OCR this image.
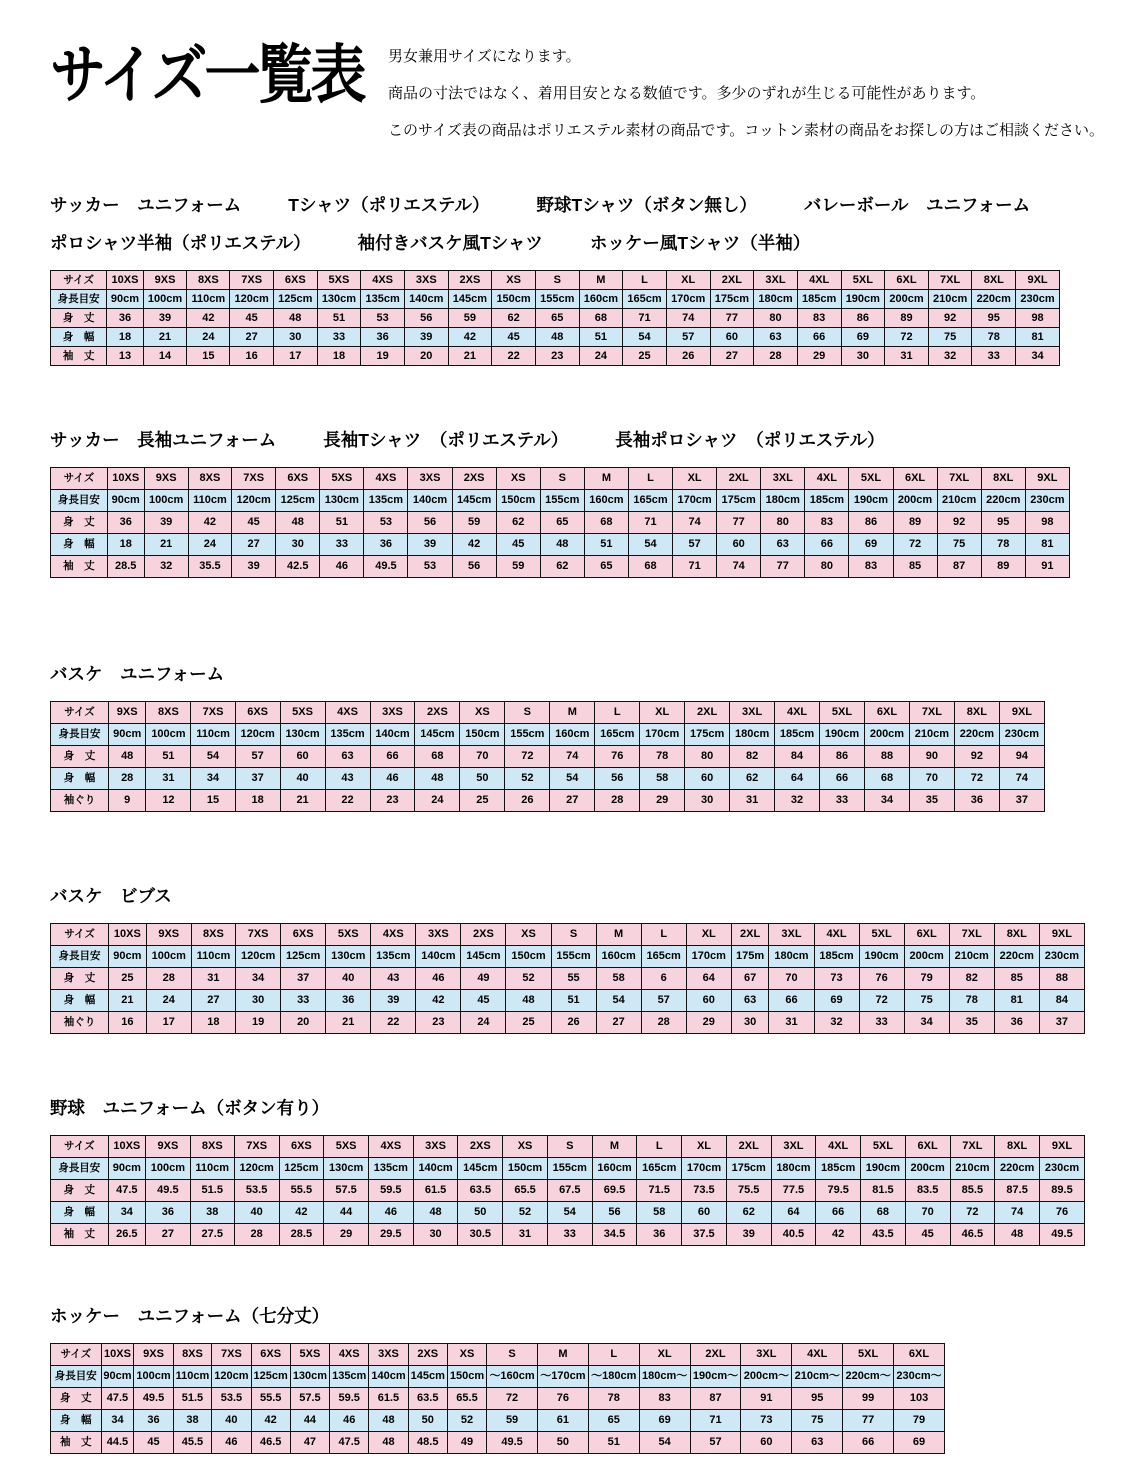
サイズ一覧表	男女兼用サイズになります。
商品の寸法ではなく、着用目安となる数値です。多少のずれが生じる可能性があります。
このサイズ表の商品はポリエステル素材の商品です。コットン素材の商品をお探しの方はご相談ください。
サッカー　ユニフォーム	Tシャツ（ポリエステル）	野球Tシャツ（ボタン無し）	バレーボール　ユニフォーム
ポロシャツ半袖（ポリエステル）	袖付きバスケ風Tシャツ	ホッケー風Tシャツ（半袖）
サイズ	10XS	9XS	8XS	7XS	6XS	5XS	4XS	3XS	2XS	XS	S	M	L	XL	2XL	3XL	4XL	5XL	6XL	7XL	8XL	9XL
身長目安	90cm	100cm	110cm	120cm	125cm	130cm	135cm	140cm	145cm	150cm	155cm	160cm	165cm	170cm	175cm	180cm	185cm	190cm	200cm	210cm	220cm	230cm
身　丈	36	39	42	45	48	51	53	56	59	62	65	68	71	74	77	80	83	86	89	92	95	98
身　幅	18	21	24	27	30	33	36	39	42	45	48	51	54	57	60	63	66	69	72	75	78	81
袖　丈	13	14	15	16	17	18	19	20	21	22	23	24	25	26	27	28	29	30	31	32	33	34
サッカー　長袖ユニフォーム	長袖Tシャツ　（ポリエステル）	長袖ポロシャツ　（ポリエステル）
サイズ	10XS	9XS	8XS	7XS	6XS	5XS	4XS	3XS	2XS	XS	S	M	L	XL	2XL	3XL	4XL	5XL	6XL	7XL	8XL	9XL
身長目安	90cm	100cm	110cm	120cm	125cm	130cm	135cm	140cm	145cm	150cm	155cm	160cm	165cm	170cm	175cm	180cm	185cm	190cm	200cm	210cm	220cm	230cm
身　丈	36	39	42	45	48	51	53	56	59	62	65	68	71	74	77	80	83	86	89	92	95	98
身　幅	18	21	24	27	30	33	36	39	42	45	48	51	54	57	60	63	66	69	72	75	78	81
袖　丈	28.5	32	35.5	39	42.5	46	49.5	53	56	59	62	65	68	71	74	77	80	83	85	87	89	91
バスケ　ユニフォーム
サイズ	9XS	8XS	7XS	6XS	5XS	4XS	3XS	2XS	XS	S	M	L	XL	2XL	3XL	4XL	5XL	6XL	7XL	8XL	9XL
身長目安	90cm	100cm	110cm	120cm	130cm	135cm	140cm	145cm	150cm	155cm	160cm	165cm	170cm	175cm	180cm	185cm	190cm	200cm	210cm	220cm	230cm
身　丈	48	51	54	57	60	63	66	68	70	72	74	76	78	80	82	84	86	88	90	92	94
身　幅	28	31	34	37	40	43	46	48	50	52	54	56	58	60	62	64	66	68	70	72	74
袖ぐり	9	12	15	18	21	22	23	24	25	26	27	28	29	30	31	32	33	34	35	36	37
バスケ　ビブス
サイズ	10XS	9XS	8XS	7XS	6XS	5XS	4XS	3XS	2XS	XS	S	M	L	XL	2XL	3XL	4XL	5XL	6XL	7XL	8XL	9XL
身長目安	90cm	100cm	110cm	120cm	125cm	130cm	135cm	140cm	145cm	150cm	155cm	160cm	165cm	170cm	175m	180cm	185cm	190cm	200cm	210cm	220cm	230cm
身　丈	25	28	31	34	37	40	43	46	49	52	55	58	6	64	67	70	73	76	79	82	85	88
身　幅	21	24	27	30	33	36	39	42	45	48	51	54	57	60	63	66	69	72	75	78	81	84
袖ぐり	16	17	18	19	20	21	22	23	24	25	26	27	28	29	30	31	32	33	34	35	36	37
野球　ユニフォーム（ボタン有り）
サイズ	10XS	9XS	8XS	7XS	6XS	5XS	4XS	3XS	2XS	XS	S	M	L	XL	2XL	3XL	4XL	5XL	6XL	7XL	8XL	9XL
身長目安	90cm	100cm	110cm	120cm	125cm	130cm	135cm	140cm	145cm	150cm	155cm	160cm	165cm	170cm	175cm	180cm	185cm	190cm	200cm	210cm	220cm	230cm
身　丈	47.5	49.5	51.5	53.5	55.5	57.5	59.5	61.5	63.5	65.5	67.5	69.5	71.5	73.5	75.5	77.5	79.5	81.5	83.5	85.5	87.5	89.5
身　幅	34	36	38	40	42	44	46	48	50	52	54	56	58	60	62	64	66	68	70	72	74	76
袖　丈	26.5	27	27.5	28	28.5	29	29.5	30	30.5	31	33	34.5	36	37.5	39	40.5	42	43.5	45	46.5	48	49.5
ホッケー　ユニフォーム（七分丈）
サイズ	10XS	9XS	8XS	7XS	6XS	5XS	4XS	3XS	2XS	XS	S	M	L	XL	2XL	3XL	4XL	5XL	6XL
身長目安	90cm	100cm	110cm	120cm	125cm	130cm	135cm	140cm	145cm	150cm	～160cm	～170cm	～180cm	180cm～	190cm～	200cm～	210cm～	220cm～	230cm～
身　丈	47.5	49.5	51.5	53.5	55.5	57.5	59.5	61.5	63.5	65.5	72	76	78	83	87	91	95	99	103
身　幅	34	36	38	40	42	44	46	48	50	52	59	61	65	69	71	73	75	77	79
袖　丈	44.5	45	45.5	46	46.5	47	47.5	48	48.5	49	49.5	50	51	54	57	60	63	66	69
